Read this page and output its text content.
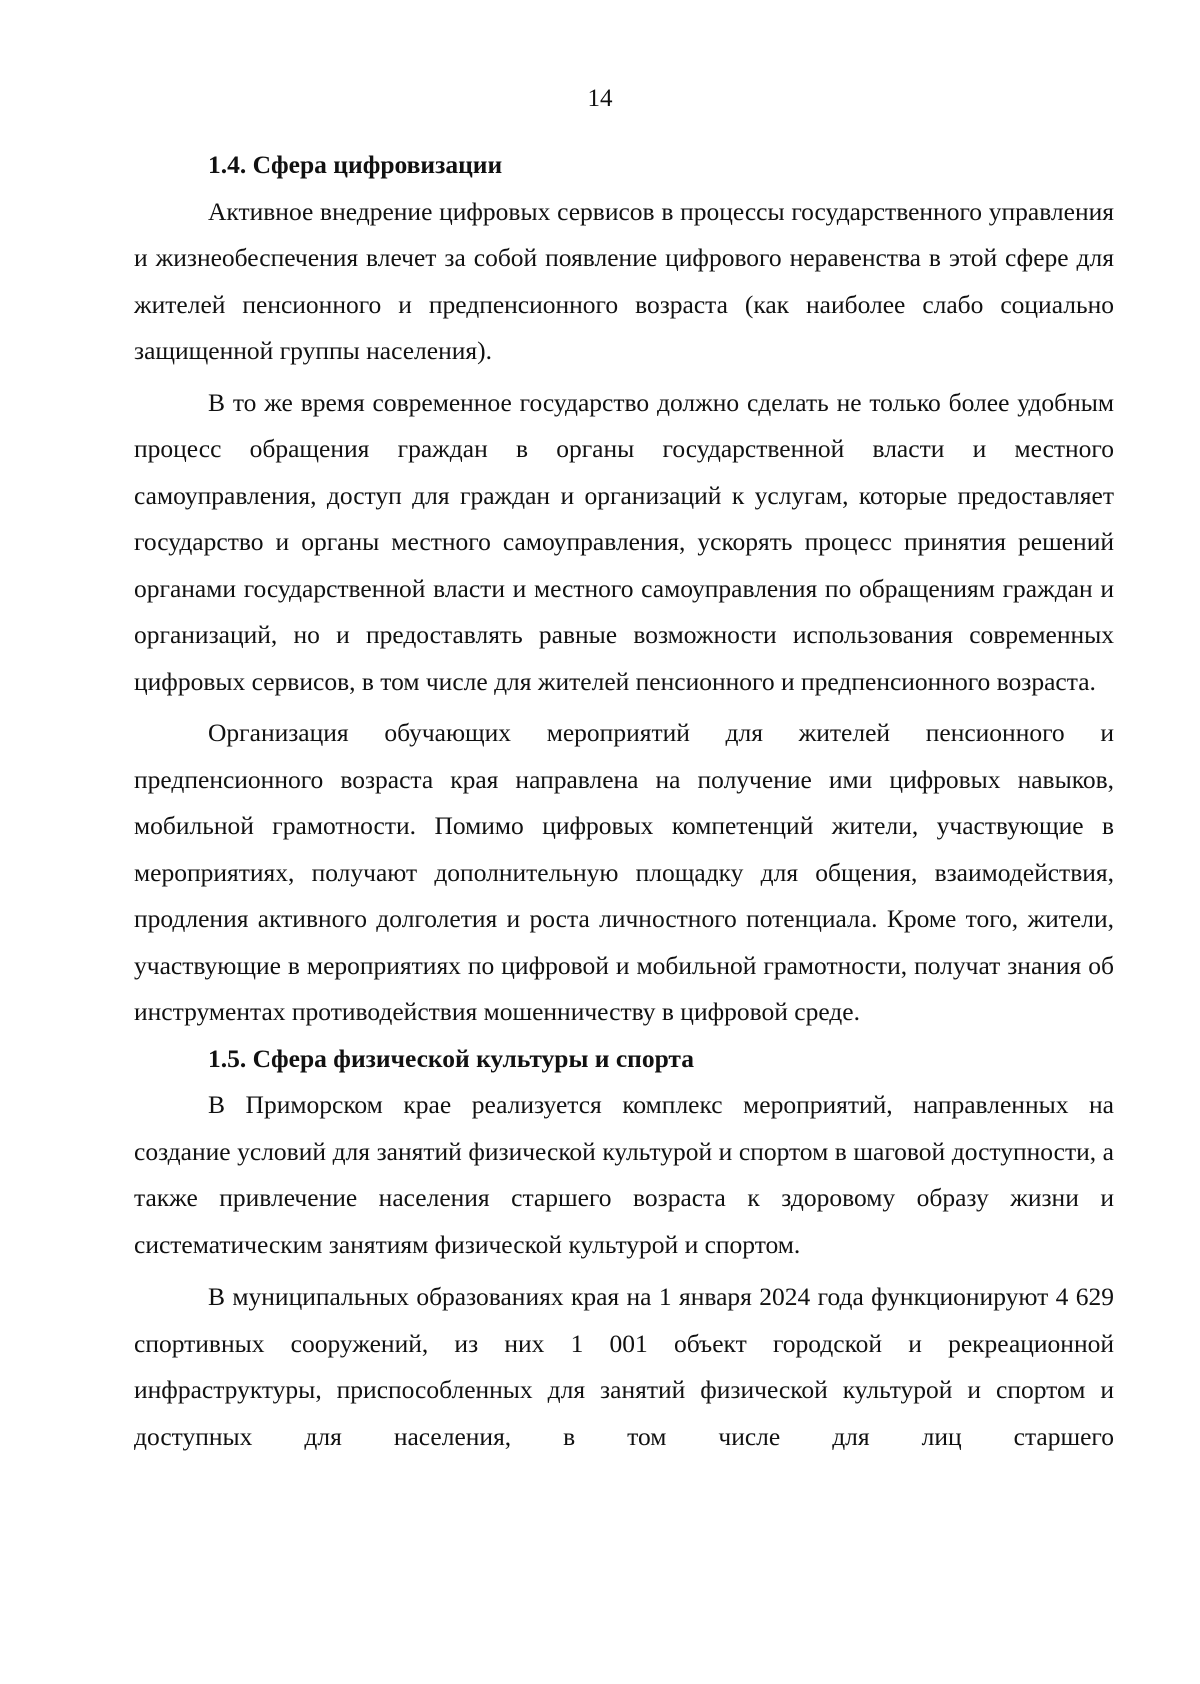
14
1.4. Сфера цифровизации

Активное внедрение цифровых сервисов в процессы государственного управления и жизнеобеспечения влечет за собой появление цифрового неравенства в этой сфере для жителей пенсионного и предпенсионного возраста (как наиболее слабо социально защищенной группы населения).

В то же время современное государство должно сделать не только более удобным процесс обращения граждан в органы государственной власти и местного самоуправления, доступ для граждан и организаций к услугам, которые предоставляет государство и органы местного самоуправления, ускорять процесс принятия решений органами государственной власти и местного самоуправления по обращениям граждан и организаций, но и предоставлять равные возможности использования современных цифровых сервисов, в том числе для жителей пенсионного и предпенсионного возраста.

Организация обучающих мероприятий для жителей пенсионного и предпенсионного возраста края направлена на получение ими цифровых навыков, мобильной грамотности. Помимо цифровых компетенций жители, участвующие в мероприятиях, получают дополнительную площадку для общения, взаимодействия, продления активного долголетия и роста личностного потенциала. Кроме того, жители, участвующие в мероприятиях по цифровой и мобильной грамотности, получат знания об инструментах противодействия мошенничеству в цифровой среде.

1.5. Сфера физической культуры и спорта

В Приморском крае реализуется комплекс мероприятий, направленных на создание условий для занятий физической культурой и спортом в шаговой доступности, а также привлечение населения старшего возраста к здоровому образу жизни и систематическим занятиям физической культурой и спортом.

В муниципальных образованиях края на 1 января 2024 года функционируют 4 629 спортивных сооружений, из них 1 001 объект городской и рекреационной инфраструктуры, приспособленных для занятий физической культурой и спортом и доступных для населения, в том числе для лиц старшего
